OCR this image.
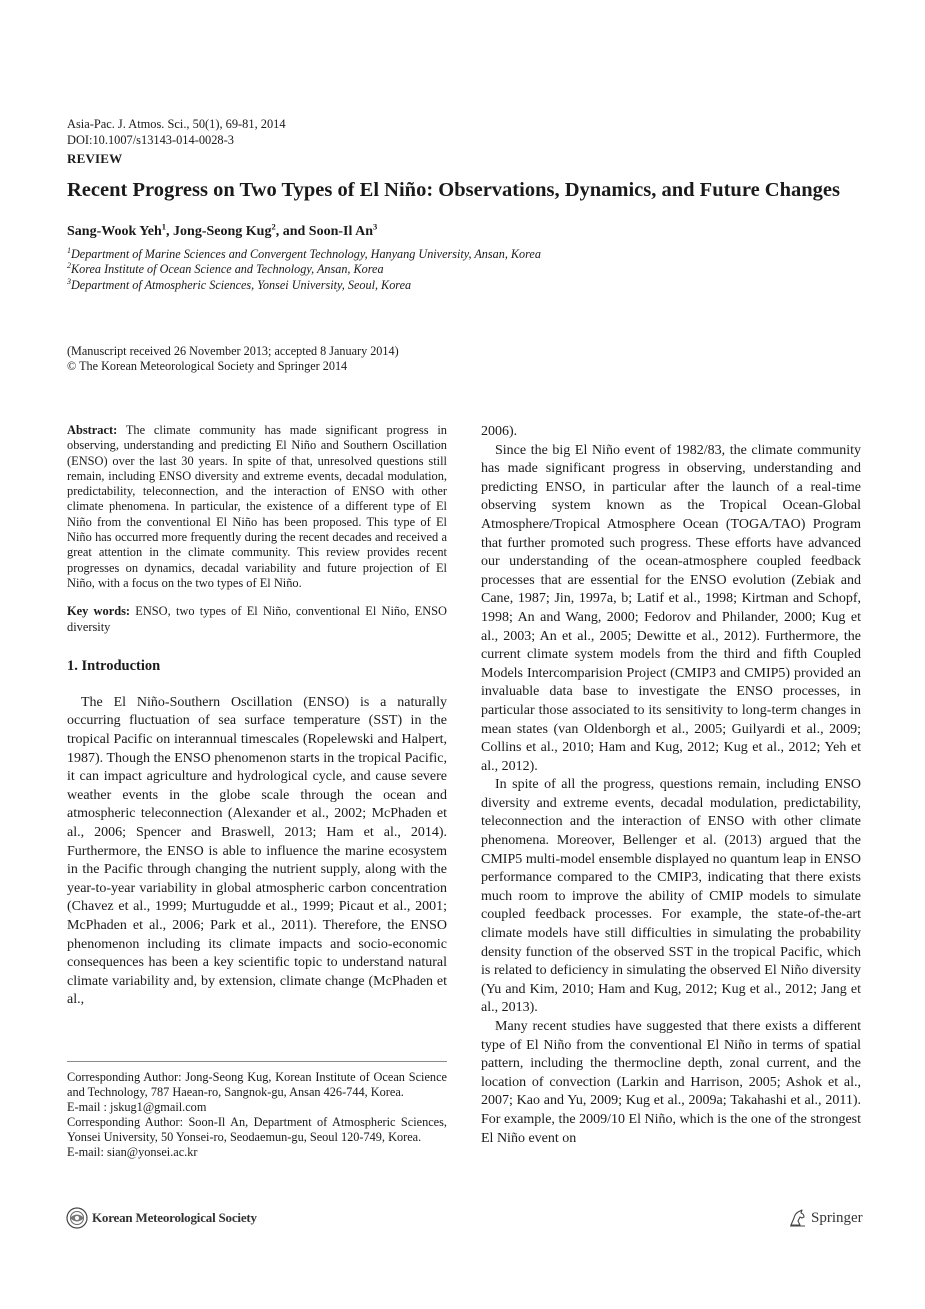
Asia-Pac. J. Atmos. Sci., 50(1), 69-81, 2014

DOI:10.1007/s13143-014-0028-3

REVIEW
Recent Progress on Two Types of El Niño: Observations, Dynamics, and Future Changes
Sang-Wook Yeh$^1$, Jong-Seong Kug$^2$, and Soon-Il An$^3$
$^1$Department of Marine Sciences and Convergent Technology, Hanyang University, Ansan, Korea
$^2$Korea Institute of Ocean Science and Technology, Ansan, Korea
$^3$Department of Atmospheric Sciences, Yonsei University, Seoul, Korea
(Manuscript received 26 November 2013; accepted 8 January 2014)
© The Korean Meteorological Society and Springer 2014

Abstract: The climate community has made significant progress in observing, understanding and predicting El Niño and Southern Oscillation (ENSO) over the last 30 years. In spite of that, unresolved questions still remain, including ENSO diversity and extreme events, decadal modulation, predictability, teleconnection, and the interaction of ENSO with other climate phenomena. In particular, the existence of a different type of El Niño from the conventional El Niño has been proposed. This type of El Niño has occurred more frequently during the recent decades and received a great attention in the climate community. This review provides recent progresses on dynamics, decadal variability and future projection of El Niño, with a focus on the two types of El Niño.

Key words: ENSO, two types of El Niño, conventional El Niño, ENSO diversity

1. Introduction

The El Niño-Southern Oscillation (ENSO) is a naturally occurring fluctuation of sea surface temperature (SST) in the tropical Pacific on interannual timescales (Ropelewski and Halpert, 1987). Though the ENSO phenomenon starts in the tropical Pacific, it can impact agriculture and hydrological cycle, and cause severe weather events in the globe scale through the ocean and atmospheric teleconnection (Alexander et al., 2002; McPhaden et al., 2006; Spencer and Braswell, 2013; Ham et al., 2014). Furthermore, the ENSO is able to influence the marine ecosystem in the Pacific through changing the nutrient supply, along with the year-to-year variability in global atmospheric carbon concentration (Chavez et al., 1999; Murtugudde et al., 1999; Picaut et al., 2001; McPhaden et al., 2006; Park et al., 2011). Therefore, the ENSO phenomenon including its climate impacts and socio-economic consequences has been a key scientific topic to understand natural climate variability and, by extension, climate change (McPhaden et al.,

2006).

Since the big El Niño event of 1982/83, the climate community has made significant progress in observing, understanding and predicting ENSO, in particular after the launch of a real-time observing system known as the Tropical Ocean-Global Atmosphere/Tropical Atmosphere Ocean (TOGA/TAO) Program that further promoted such progress. These efforts have advanced our understanding of the ocean-atmosphere coupled feedback processes that are essential for the ENSO evolution (Zebiak and Cane, 1987; Jin, 1997a, b; Latif et al., 1998; Kirtman and Schopf, 1998; An and Wang, 2000; Fedorov and Philander, 2000; Kug et al., 2003; An et al., 2005; Dewitte et al., 2012). Furthermore, the current climate system models from the third and fifth Coupled Models Intercomparision Project (CMIP3 and CMIP5) provided an invaluable data base to investigate the ENSO processes, in particular those associated to its sensitivity to long-term changes in mean states (van Oldenborgh et al., 2005; Guilyardi et al., 2009; Collins et al., 2010; Ham and Kug, 2012; Kug et al., 2012; Yeh et al., 2012).

In spite of all the progress, questions remain, including ENSO diversity and extreme events, decadal modulation, predictability, teleconnection and the interaction of ENSO with other climate phenomena. Moreover, Bellenger et al. (2013) argued that the CMIP5 multi-model ensemble displayed no quantum leap in ENSO performance compared to the CMIP3, indicating that there exists much room to improve the ability of CMIP models to simulate coupled feedback processes. For example, the state-of-the-art climate models have still difficulties in simulating the probability density function of the observed SST in the tropical Pacific, which is related to deficiency in simulating the observed El Niño diversity (Yu and Kim, 2010; Ham and Kug, 2012; Kug et al., 2012; Jang et al., 2013).

Many recent studies have suggested that there exists a different type of El Niño from the conventional El Niño in terms of spatial pattern, including the thermocline depth, zonal current, and the location of convection (Larkin and Harrison, 2005; Ashok et al., 2007; Kao and Yu, 2009; Kug et al., 2009a; Takahashi et al., 2011). For example, the 2009/10 El Niño, which is the one of the strongest El Niño event on

Corresponding Author: Jong-Seong Kug, Korean Institute of Ocean Science and Technology, 787 Haean-ro, Sangnok-gu, Ansan 426-744, Korea.

E-mail : jskug1@gmail.com

Corresponding Author: Soon-Il An, Department of Atmospheric Sciences, Yonsei University, 50 Yonsei-ro, Seodaemun-gu, Seoul 120-749, Korea.

E-mail: sian@yonsei.ac.kr

Korean Meteorological Society	Springer
